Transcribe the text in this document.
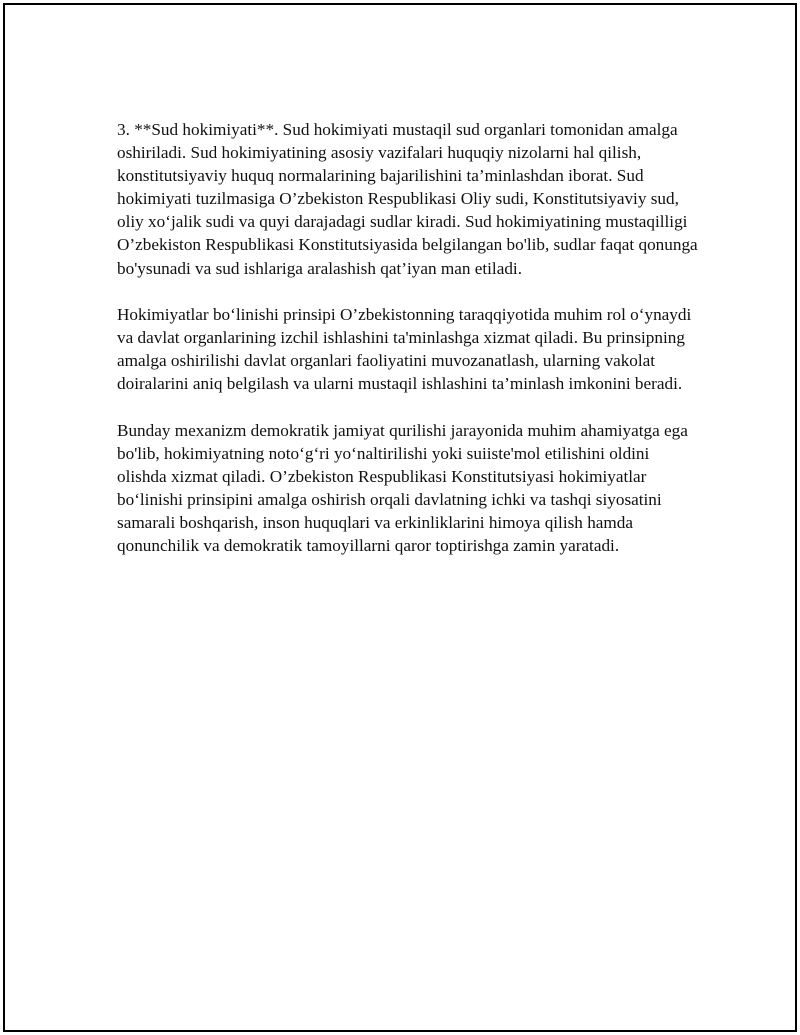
3. **Sud hokimiyati**. Sud hokimiyati mustaqil sud organlari tomonidan amalga oshiriladi. Sud hokimiyatining asosiy vazifalari huquqiy nizolarni hal qilish, konstitutsiyaviy huquq normalarining bajarilishini ta’minlashdan iborat. Sud hokimiyati tuzilmasiga O’zbekiston Respublikasi Oliy sudi, Konstitutsiyaviy sud, oliy xo‘jalik sudi va quyi darajadagi sudlar kiradi. Sud hokimiyatining mustaqilligi O’zbekiston Respublikasi Konstitutsiyasida belgilangan bo'lib, sudlar faqat qonunga bo'ysunadi va sud ishlariga aralashish qat’iyan man etiladi.

Hokimiyatlar bo‘linishi prinsipi O’zbekistonning taraqqiyotida muhim rol o‘ynaydi va davlat organlarining izchil ishlashini ta'minlashga xizmat qiladi. Bu prinsipning amalga oshirilishi davlat organlari faoliyatini muvozanatlash, ularning vakolat doiralarini aniq belgilash va ularni mustaqil ishlashini ta’minlash imkonini beradi.

Bunday mexanizm demokratik jamiyat qurilishi jarayonida muhim ahamiyatga ega bo'lib, hokimiyatning noto‘g‘ri yo‘naltirilishi yoki suiiste'mol etilishini oldini olishda xizmat qiladi. O’zbekiston Respublikasi Konstitutsiyasi hokimiyatlar bo‘linishi prinsipini amalga oshirish orqali davlatning ichki va tashqi siyosatini samarali boshqarish, inson huquqlari va erkinliklarini himoya qilish hamda qonunchilik va demokratik tamoyillarni qaror toptirishga zamin yaratadi.
